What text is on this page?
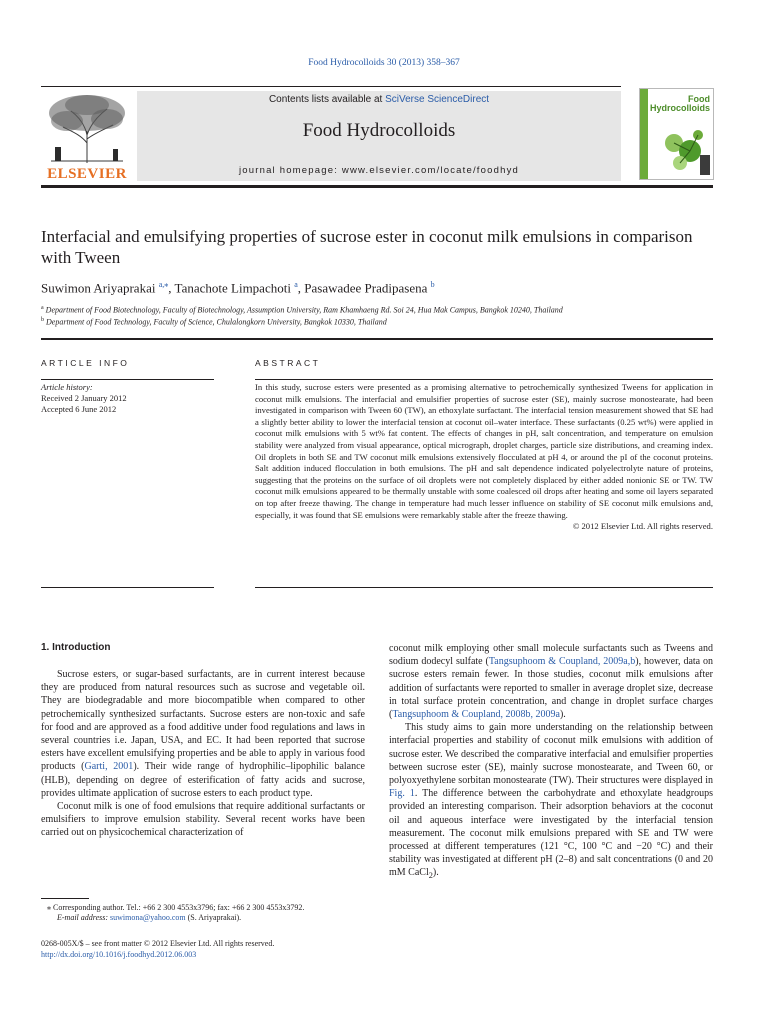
Food Hydrocolloids 30 (2013) 358–367
ELSEVIER
Contents lists available at SciVerse ScienceDirect
Food Hydrocolloids
journal homepage: www.elsevier.com/locate/foodhyd
Food
Hydrocolloids
Interfacial and emulsifying properties of sucrose ester in coconut milk emulsions in comparison with Tween
Suwimon Ariyaprakai $^{a,⁎}$, Tanachote Limpachoti $^a$, Pasawadee Pradipasena $^b$
$^a$ Department of Food Biotechnology, Faculty of Biotechnology, Assumption University, Ram Khamhaeng Rd. Soi 24, Hua Mak Campus, Bangkok 10240, Thailand
$^b$ Department of Food Technology, Faculty of Science, Chulalongkorn University, Bangkok 10330, Thailand
ARTICLE INFO
Article history:
Received 2 January 2012
Accepted 6 June 2012
ABSTRACT
In this study, sucrose esters were presented as a promising alternative to petrochemically synthesized Tweens for application in coconut milk emulsions. The interfacial and emulsifier properties of sucrose ester (SE), mainly sucrose monostearate, had been investigated in comparison with Tween 60 (TW), an ethoxylate surfactant. The interfacial tension measurement showed that SE had a slightly better ability to lower the interfacial tension at coconut oil–water interface. These surfactants (0.25 wt%) were applied in coconut milk emulsions with 5 wt% fat content. The effects of changes in pH, salt concentration, and temperature on emulsion stability were analyzed from visual appearance, optical micrograph, droplet charges, particle size distributions, and creaming index. Oil droplets in both SE and TW coconut milk emulsions extensively flocculated at pH 4, or around the pI of the coconut proteins. Salt addition induced flocculation in both emulsions. The pH and salt dependence indicated polyelectrolyte nature of proteins, suggesting that the proteins on the surface of oil droplets were not completely displaced by either added nonionic SE or TW. TW coconut milk emulsions appeared to be thermally unstable with some coalesced oil drops after heating and some oil layers separated on top after freeze thawing. The change in temperature had much lesser influence on stability of SE coconut milk emulsions and, especially, it was found that SE emulsions were remarkably stable after the freeze thawing.
© 2012 Elsevier Ltd. All rights reserved.
1. Introduction

Sucrose esters, or sugar-based surfactants, are in current interest because they are produced from natural resources such as sucrose and vegetable oil. They are biodegradable and more biocompatible when compared to other petrochemically synthesized surfactants. Sucrose esters are non-toxic and safe for food and are approved as a food additive under food regulations and laws in several countries i.e. Japan, USA, and EC. It had been reported that sucrose esters have excellent emulsifying properties and be able to apply in various food products (Garti, 2001). Their wide range of hydrophilic–lipophilic balance (HLB), depending on degree of esterification of fatty acids and sucrose, provides ultimate application of sucrose esters to each product type.

Coconut milk is one of food emulsions that require additional surfactants or emulsifiers to improve emulsion stability. Several recent works have been carried out on physicochemical characterization of

⁎ Corresponding author. Tel.: +66 2 300 4553x3796; fax: +66 2 300 4553x3792.
E-mail address: suwimona@yahoo.com (S. Ariyaprakai).
0268-005X/$ – see front matter © 2012 Elsevier Ltd. All rights reserved.
http://dx.doi.org/10.1016/j.foodhyd.2012.06.003

coconut milk employing other small molecule surfactants such as Tweens and sodium dodecyl sulfate (Tangsuphoom & Coupland, 2009a,b), however, data on sucrose esters remain fewer. In those studies, coconut milk emulsions after addition of surfactants were reported to smaller in average droplet size, decrease in total surface protein concentration, and change in droplet surface charges (Tangsuphoom & Coupland, 2008b, 2009a).

This study aims to gain more understanding on the relationship between interfacial properties and stability of coconut milk emulsions with addition of sucrose ester. We described the comparative interfacial and emulsifier properties between sucrose ester (SE), mainly sucrose monostearate, and Tween 60, or polyoxyethylene sorbitan monostearate (TW). Their structures were displayed in Fig. 1. The difference between the carbohydrate and ethoxylate headgroups provided an interesting comparison. Their adsorption behaviors at the coconut oil and aqueous interface were investigated by the interfacial tension measurement. The coconut milk emulsions prepared with SE and TW were processed at different temperatures (121 °C, 100 °C and −20 °C) and their stability was investigated at different pH (2–8) and salt concentrations (0 and 20 mM CaCl$_2$).
